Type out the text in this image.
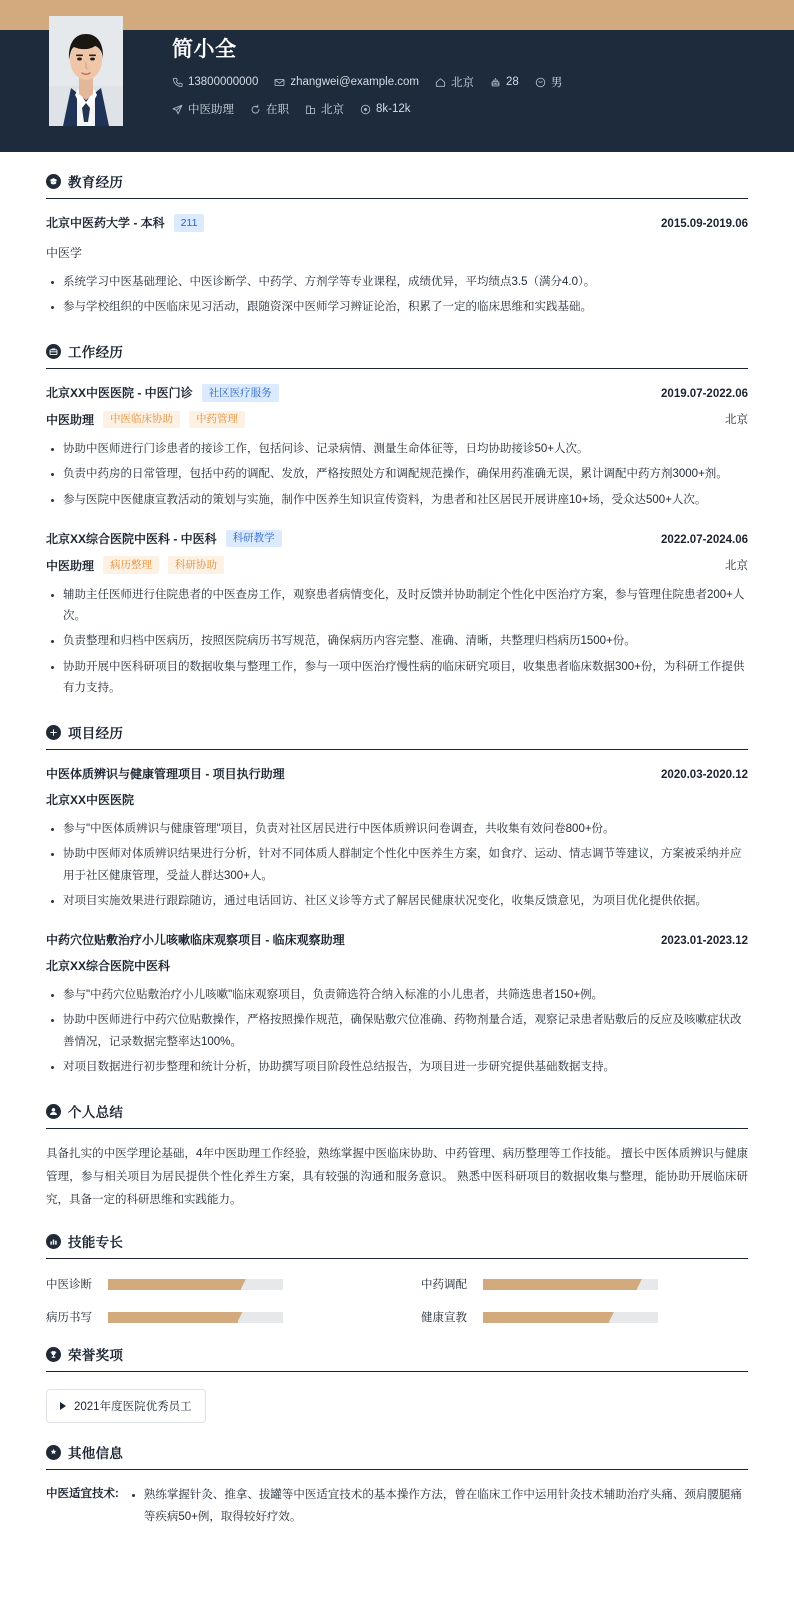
简小全
13800000000	zhangwei@example.com	北京	28	男
中医助理	在职	北京	8k-12k
教育经历
北京中医药大学 - 本科	211	2015.09-2019.06
中医学
系统学习中医基础理论、中医诊断学、中药学、方剂学等专业课程，成绩优异，平均绩点3.5（满分4.0）。
参与学校组织的中医临床见习活动，跟随资深中医师学习辨证论治，积累了一定的临床思维和实践基础。
工作经历
北京XX中医医院 - 中医门诊	社区医疗服务	2019.07-2022.06
中医助理	中医临床协助	中药管理	北京
协助中医师进行门诊患者的接诊工作，包括问诊、记录病情、测量生命体征等，日均协助接诊50+人次。
负责中药房的日常管理，包括中药的调配、发放，严格按照处方和调配规范操作，确保用药准确无误，累计调配中药方剂3000+剂。
参与医院中医健康宣教活动的策划与实施，制作中医养生知识宣传资料，为患者和社区居民开展讲座10+场，受众达500+人次。
北京XX综合医院中医科 - 中医科	科研教学	2022.07-2024.06
中医助理	病历整理	科研协助	北京
辅助主任医师进行住院患者的中医查房工作，观察患者病情变化，及时反馈并协助制定个性化中医治疗方案，参与管理住院患者200+人次。
负责整理和归档中医病历，按照医院病历书写规范，确保病历内容完整、准确、清晰，共整理归档病历1500+份。
协助开展中医科研项目的数据收集与整理工作，参与一项中医治疗慢性病的临床研究项目，收集患者临床数据300+份，为科研工作提供有力支持。
项目经历
中医体质辨识与健康管理项目 - 项目执行助理	2020.03-2020.12
北京XX中医医院
参与"中医体质辨识与健康管理"项目，负责对社区居民进行中医体质辨识问卷调查，共收集有效问卷800+份。
协助中医师对体质辨识结果进行分析，针对不同体质人群制定个性化中医养生方案，如食疗、运动、情志调节等建议，方案被采纳并应用于社区健康管理，受益人群达300+人。
对项目实施效果进行跟踪随访，通过电话回访、社区义诊等方式了解居民健康状况变化，收集反馈意见，为项目优化提供依据。
中药穴位贴敷治疗小儿咳嗽临床观察项目 - 临床观察助理	2023.01-2023.12
北京XX综合医院中医科
参与"中药穴位贴敷治疗小儿咳嗽"临床观察项目，负责筛选符合纳入标准的小儿患者，共筛选患者150+例。
协助中医师进行中药穴位贴敷操作，严格按照操作规范，确保贴敷穴位准确、药物剂量合适，观察记录患者贴敷后的反应及咳嗽症状改善情况，记录数据完整率达100%。
对项目数据进行初步整理和统计分析，协助撰写项目阶段性总结报告，为项目进一步研究提供基础数据支持。
个人总结
具备扎实的中医学理论基础，4年中医助理工作经验，熟练掌握中医临床协助、中药管理、病历整理等工作技能。 擅长中医体质辨识与健康管理，参与相关项目为居民提供个性化养生方案，具有较强的沟通和服务意识。 熟悉中医科研项目的数据收集与整理，能协助开展临床研究，具备一定的科研思维和实践能力。
技能专长
中医诊断	中药调配
病历书写	健康宣教
荣誉奖项
2021年度医院优秀员工
其他信息
中医适宜技术:	熟练掌握针灸、推拿、拔罐等中医适宜技术的基本操作方法，曾在临床工作中运用针灸技术辅助治疗头痛、颈肩腰腿痛等疾病50+例，取得较好疗效。
